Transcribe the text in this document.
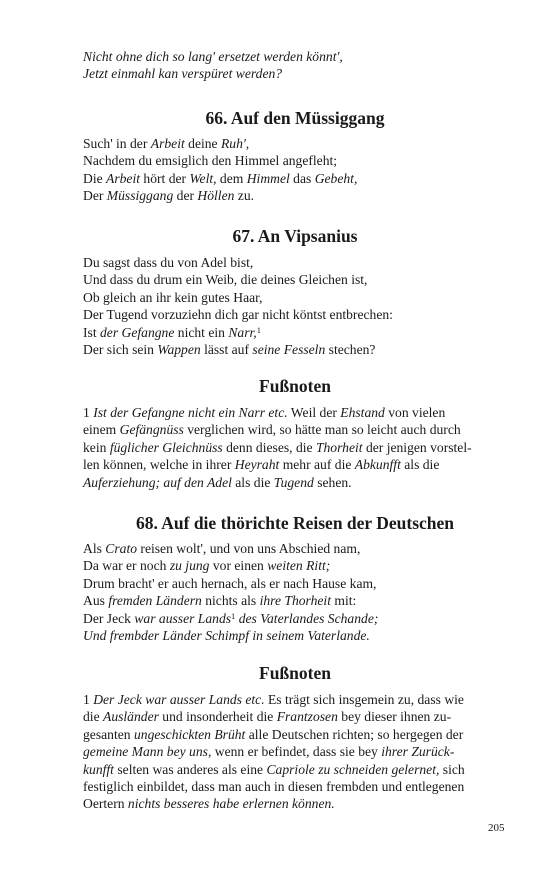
Nicht ohne dich so lang' ersetzet werden könnt',
Jetzt einmahl kan verspüret werden?
66. Auf den Müssiggang
Such' in der Arbeit deine Ruh',
Nachdem du emsiglich den Himmel angefleht;
Die Arbeit hört der Welt, dem Himmel das Gebeht,
Der Müssiggang der Höllen zu.
67. An Vipsanius
Du sagst dass du von Adel bist,
Und dass du drum ein Weib, die deines Gleichen ist,
Ob gleich an ihr kein gutes Haar,
Der Tugend vorzuziehn dich gar nicht köntst entbrechen:
Ist der Gefangne nicht ein Narr,$^1$
Der sich sein Wappen lässt auf seine Fesseln stechen?
Fußnoten
1 Ist der Gefangne nicht ein Narr etc. Weil der Ehstand von vielen
einem Gefängnüss verglichen wird, so hätte man so leicht auch durch
kein füglicher Gleichnüss denn dieses, die Thorheit der jenigen vorstel-
len können, welche in ihrer Heyraht mehr auf die Abkunfft als die
Auferziehung; auf den Adel als die Tugend sehen.
68. Auf die thörichte Reisen der Deutschen
Als Crato reisen wolt', und von uns Abschied nam,
Da war er noch zu jung vor einen weiten Ritt;
Drum bracht' er auch hernach, als er nach Hause kam,
Aus fremden Ländern nichts als ihre Thorheit mit:
Der Jeck war ausser Lands$^1$ des Vaterlandes Schande;
Und frembder Länder Schimpf in seinem Vaterlande.
Fußnoten
1 Der Jeck war ausser Lands etc. Es trägt sich insgemein zu, dass wie
die Ausländer und insonderheit die Frantzosen bey dieser ihnen zu-
gesanten ungeschickten Brüht alle Deutschen richten; so hergegen der
gemeine Mann bey uns, wenn er befindet, dass sie bey ihrer Zurück-
kunfft selten was anderes als eine Capriole zu schneiden gelernet, sich
festiglich einbildet, dass man auch in diesen frembden und entlegenen
Oertern nichts besseres habe erlernen können.
205
